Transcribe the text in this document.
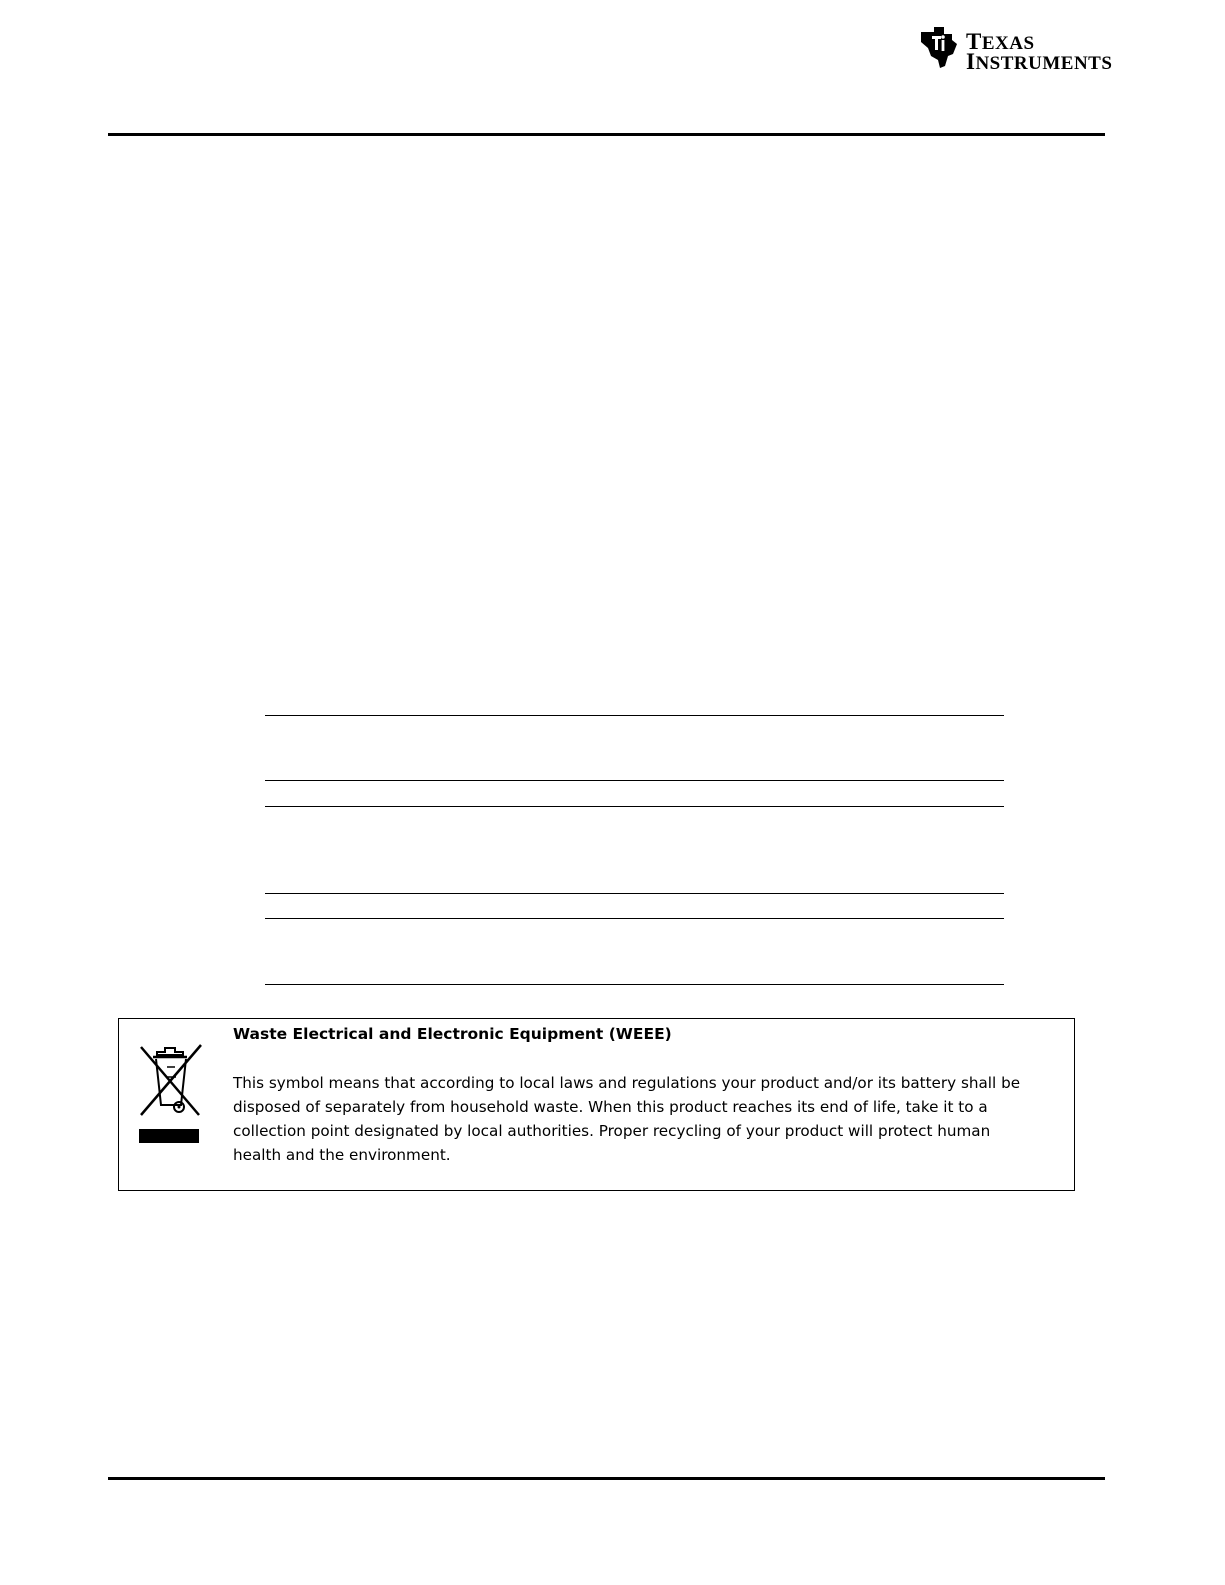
TEXAS
INSTRUMENTS
Waste Electrical and Electronic Equipment (WEEE)
This symbol means that according to local laws and regulations your product and/or its battery shall be
disposed of separately from household waste. When this product reaches its end of life, take it to a
collection point designated by local authorities. Proper recycling of your product will protect human
health and the environment.
